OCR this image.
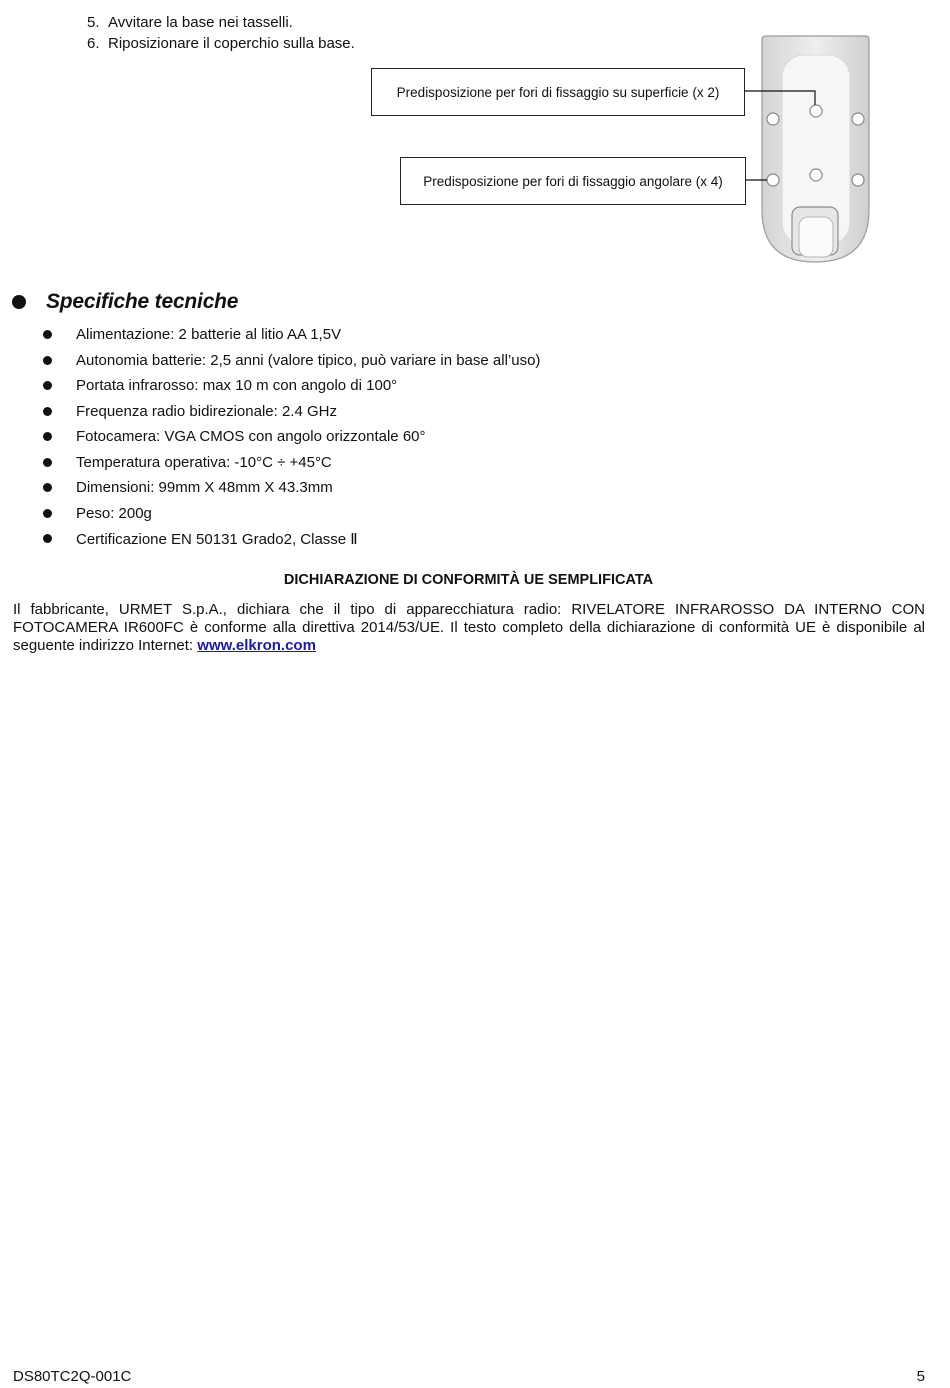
5. Avvitare la base nei tasselli.
6. Riposizionare il coperchio sulla base.
Predisposizione per fori di fissaggio su superficie (x 2)
Predisposizione per fori di fissaggio angolare (x 4)
Specifiche tecniche
Alimentazione: 2 batterie al litio AA 1,5V
Autonomia batterie: 2,5 anni (valore tipico, può variare in base all’uso)
Portata infrarosso: max 10 m con angolo di 100°
Frequenza radio bidirezionale: 2.4 GHz
Fotocamera: VGA CMOS con angolo orizzontale 60°
Temperatura operativa: -10°C ÷ +45°C
Dimensioni: 99mm X 48mm X 43.3mm
Peso: 200g
Certificazione EN 50131 Grado2, Classe Ⅱ
DICHIARAZIONE DI CONFORMITÀ UE SEMPLIFICATA
Il fabbricante, URMET S.p.A., dichiara che il tipo di apparecchiatura radio: RIVELATORE INFRAROSSO DA INTERNO CON FOTOCAMERA IR600FC è conforme alla direttiva 2014/53/UE. Il testo completo della dichiarazione di conformità UE è disponibile al seguente indirizzo Internet: www.elkron.com
DS80TC2Q-001C	5
